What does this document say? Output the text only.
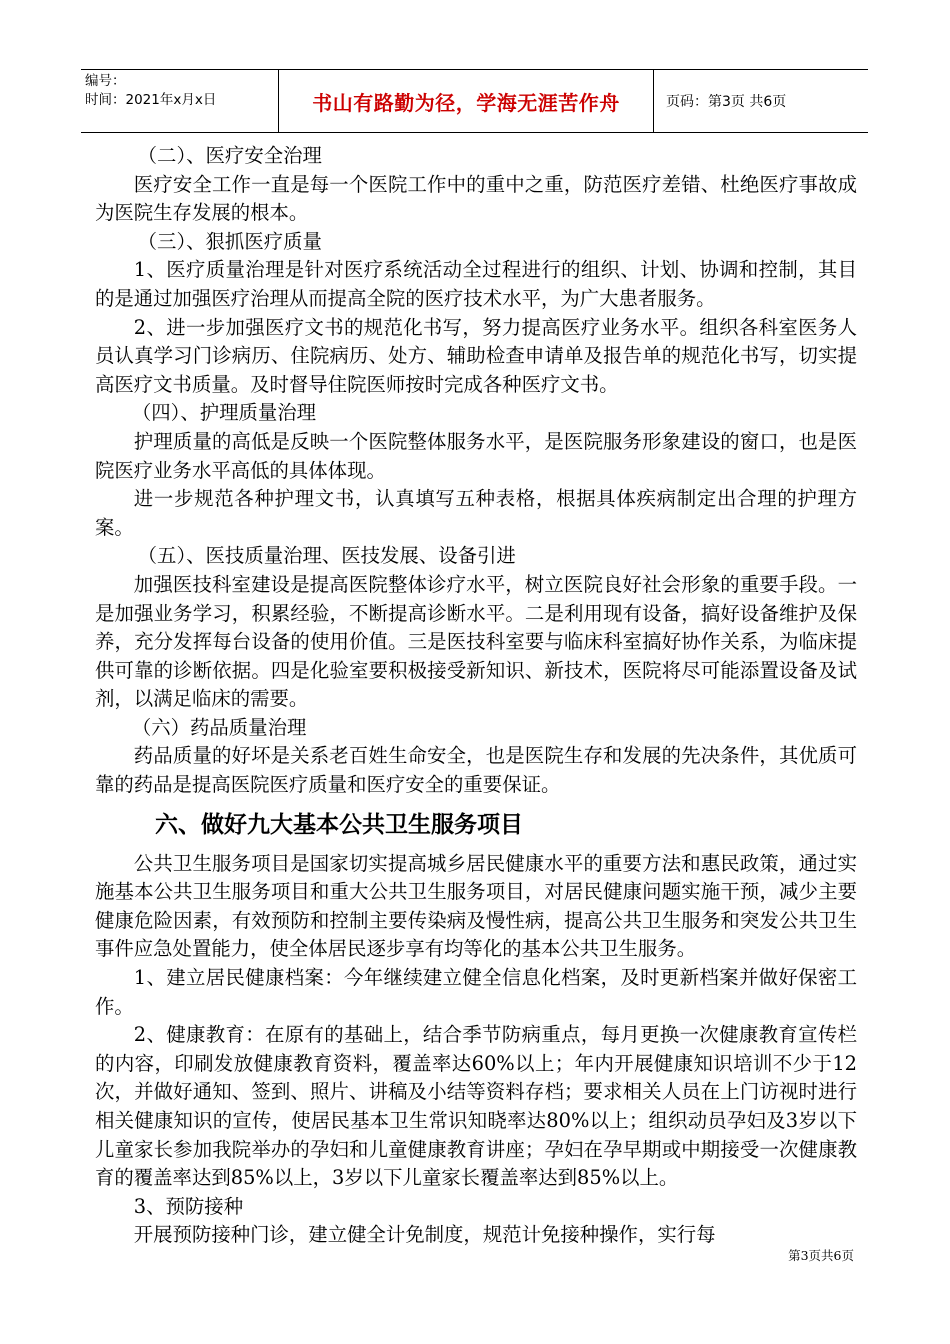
编号：
时间：2021年x月x日	书山有路勤为径，学海无涯苦作舟	页码：第3页 共6页

（二）、医疗安全治理

医疗安全工作一直是每一个医院工作中的重中之重，防范医疗差错、杜绝医疗事故成为医院生存发展的根本。

（三）、狠抓医疗质量

1、医疗质量治理是针对医疗系统活动全过程进行的组织、计划、协调和控制，其目的是通过加强医疗治理从而提高全院的医疗技术水平，为广大患者服务。

2、进一步加强医疗文书的规范化书写，努力提高医疗业务水平。组织各科室医务人员认真学习门诊病历、住院病历、处方、辅助检查申请单及报告单的规范化书写，切实提高医疗文书质量。及时督导住院医师按时完成各种医疗文书。

（四）、护理质量治理

护理质量的高低是反映一个医院整体服务水平，是医院服务形象建设的窗口，也是医院医疗业务水平高低的具体体现。

进一步规范各种护理文书，认真填写五种表格，根据具体疾病制定出合理的护理方案。

（五）、医技质量治理、医技发展、设备引进

加强医技科室建设是提高医院整体诊疗水平，树立医院良好社会形象的重要手段。一是加强业务学习，积累经验，不断提高诊断水平。二是利用现有设备，搞好设备维护及保养，充分发挥每台设备的使用价值。三是医技科室要与临床科室搞好协作关系，为临床提供可靠的诊断依据。四是化验室要积极接受新知识、新技术，医院将尽可能添置设备及试剂，以满足临床的需要。

（六）药品质量治理

药品质量的好坏是关系老百姓生命安全，也是医院生存和发展的先决条件，其优质可靠的药品是提高医院医疗质量和医疗安全的重要保证。

六、做好九大基本公共卫生服务项目

公共卫生服务项目是国家切实提高城乡居民健康水平的重要方法和惠民政策，通过实施基本公共卫生服务项目和重大公共卫生服务项目，对居民健康问题实施干预，减少主要健康危险因素，有效预防和控制主要传染病及慢性病，提高公共卫生服务和突发公共卫生事件应急处置能力，使全体居民逐步享有均等化的基本公共卫生服务。

1、建立居民健康档案：今年继续建立健全信息化档案，及时更新档案并做好保密工作。

2、健康教育：在原有的基础上，结合季节防病重点，每月更换一次健康教育宣传栏的内容，印刷发放健康教育资料，覆盖率达60%以上；年内开展健康知识培训不少于12次，并做好通知、签到、照片、讲稿及小结等资料存档；要求相关人员在上门访视时进行相关健康知识的宣传，使居民基本卫生常识知晓率达80%以上；组织动员孕妇及3岁以下儿童家长参加我院举办的孕妇和儿童健康教育讲座；孕妇在孕早期或中期接受一次健康教育的覆盖率达到85%以上，3岁以下儿童家长覆盖率达到85%以上。

3、预防接种

开展预防接种门诊，建立健全计免制度，规范计免接种操作，实行每

第3页共6页
